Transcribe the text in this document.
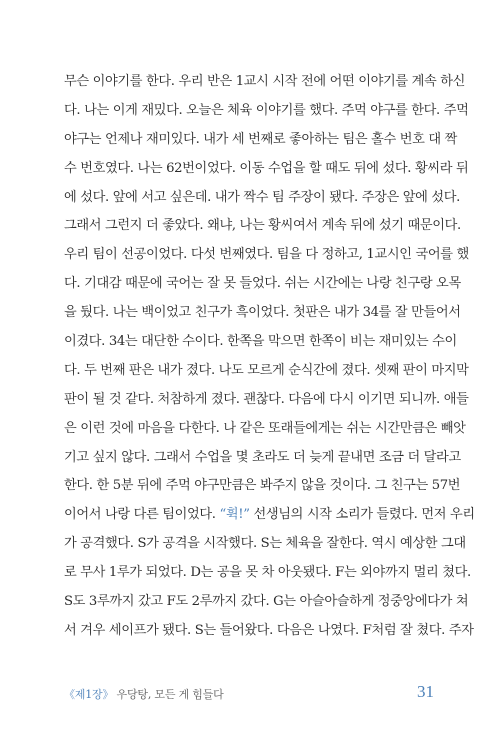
무슨 이야기를 한다. 우리 반은 1교시 시작 전에 어떤 이야기를 계속 하신
다. 나는 이게 재밌다. 오늘은 체육 이야기를 했다. 주먹 야구를 한다. 주먹
야구는 언제나 재미있다. 내가 세 번째로 좋아하는 팀은 홀수 번호 대 짝
수 번호였다. 나는 62번이었다. 이동 수업을 할 때도 뒤에 섰다. 황씨라 뒤
에 섰다. 앞에 서고 싶은데. 내가 짝수 팀 주장이 됐다. 주장은 앞에 섰다.
그래서 그런지 더 좋았다. 왜냐, 나는 황씨여서 계속 뒤에 섰기 때문이다.
우리 팀이 선공이었다. 다섯 번째였다. 팀을 다 정하고, 1교시인 국어를 했
다. 기대감 때문에 국어는 잘 못 들었다. 쉬는 시간에는 나랑 친구랑 오목
을 뒀다. 나는 백이었고 친구가 흑이었다. 첫판은 내가 34를 잘 만들어서
이겼다. 34는 대단한 수이다. 한쪽을 막으면 한쪽이 비는 재미있는 수이
다. 두 번째 판은 내가 졌다. 나도 모르게 순식간에 졌다. 셋째 판이 마지막
판이 될 것 같다. 처참하게 졌다. 괜찮다. 다음에 다시 이기면 되니까. 애들
은 이런 것에 마음을 다한다. 나 같은 또래들에게는 쉬는 시간만큼은 빼앗
기고 싶지 않다. 그래서 수업을 몇 초라도 더 늦게 끝내면 조금 더 달라고
한다. 한 5분 뒤에 주먹 야구만큼은 봐주지 않을 것이다. 그 친구는 57번
이어서 나랑 다른 팀이었다. “휙!” 선생님의 시작 소리가 들렸다. 먼저 우리
가 공격했다. S가 공격을 시작했다. S는 체육을 잘한다. 역시 예상한 그대
로 무사 1루가 되었다. D는 공을 못 차 아웃됐다. F는 외야까지 멀리 쳤다.
S도 3루까지 갔고 F도 2루까지 갔다. G는 아슬아슬하게 정중앙에다가 쳐
서 겨우 세이프가 됐다. S는 들어왔다. 다음은 나였다. F처럼 잘 쳤다. 주자
《제1장》 우당탕, 모든 게 힘들다	31
